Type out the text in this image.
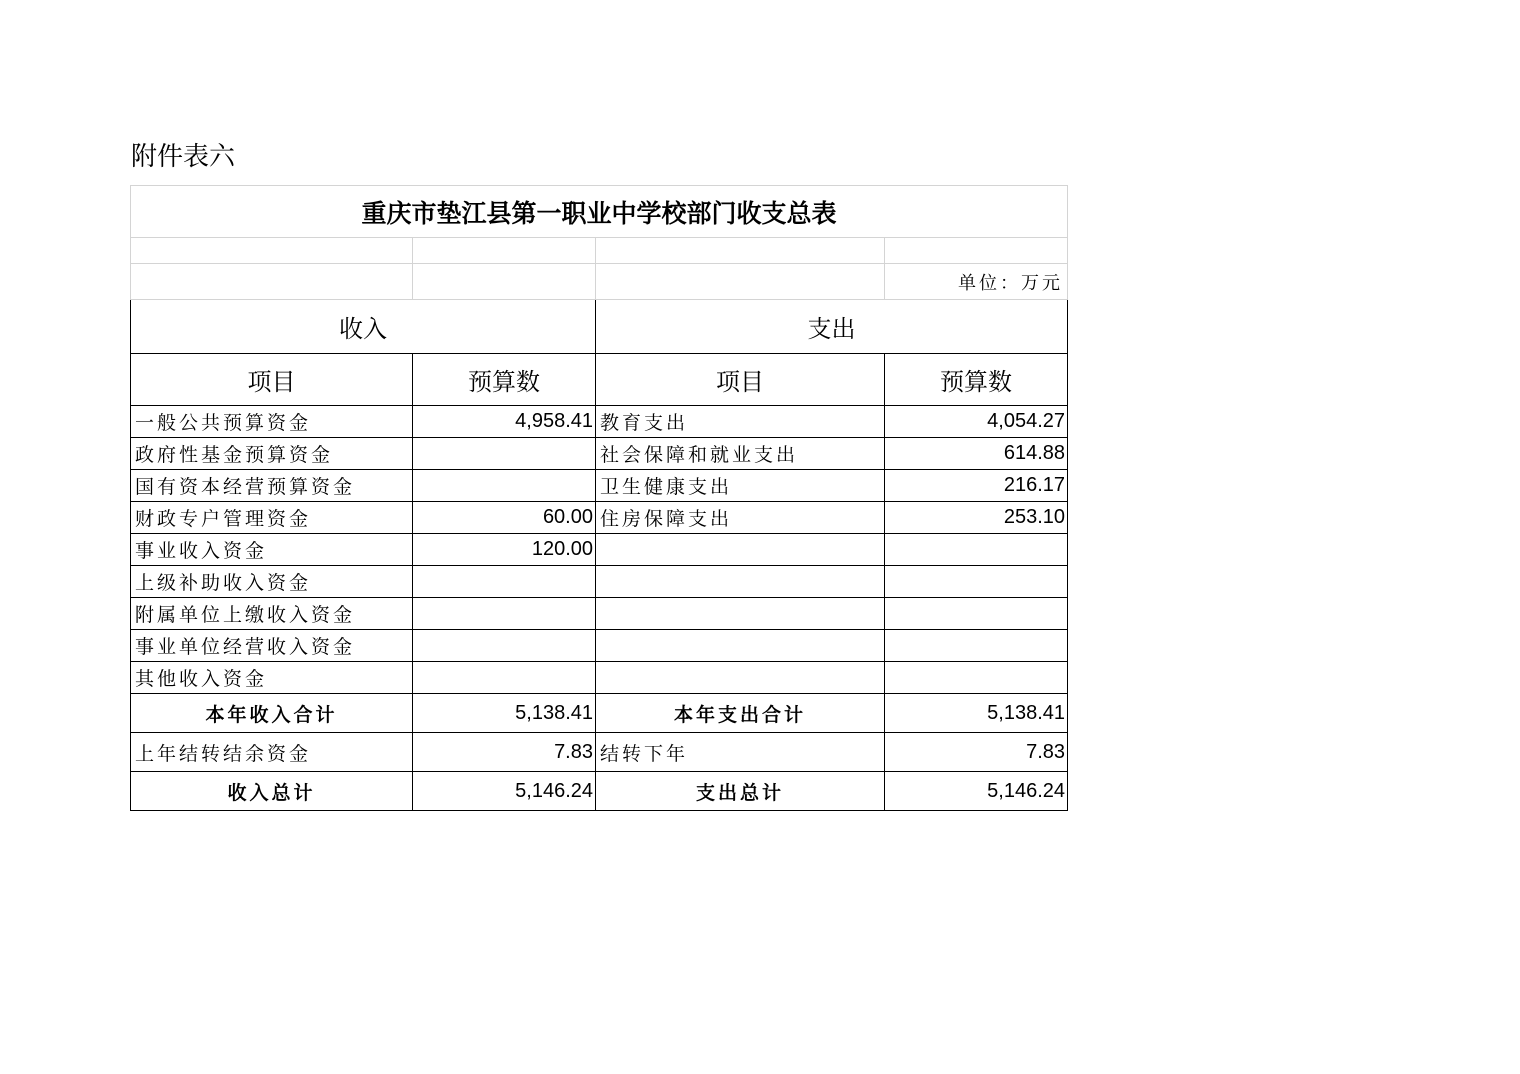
附件表六
重庆市垫江县第一职业中学校部门收支总表			

			单位：万元
收入		支出	
项目	预算数	项目	预算数
一般公共预算资金	4,958.41	教育支出	4,054.27
政府性基金预算资金		社会保障和就业支出	614.88
国有资本经营预算资金		卫生健康支出	216.17
财政专户管理资金	60.00	住房保障支出	253.10
事业收入资金	120.00		
上级补助收入资金			
附属单位上缴收入资金			
事业单位经营收入资金			
其他收入资金			
本年收入合计	5,138.41	本年支出合计	5,138.41
上年结转结余资金	7.83	结转下年	7.83
收入总计	5,146.24	支出总计	5,146.24
